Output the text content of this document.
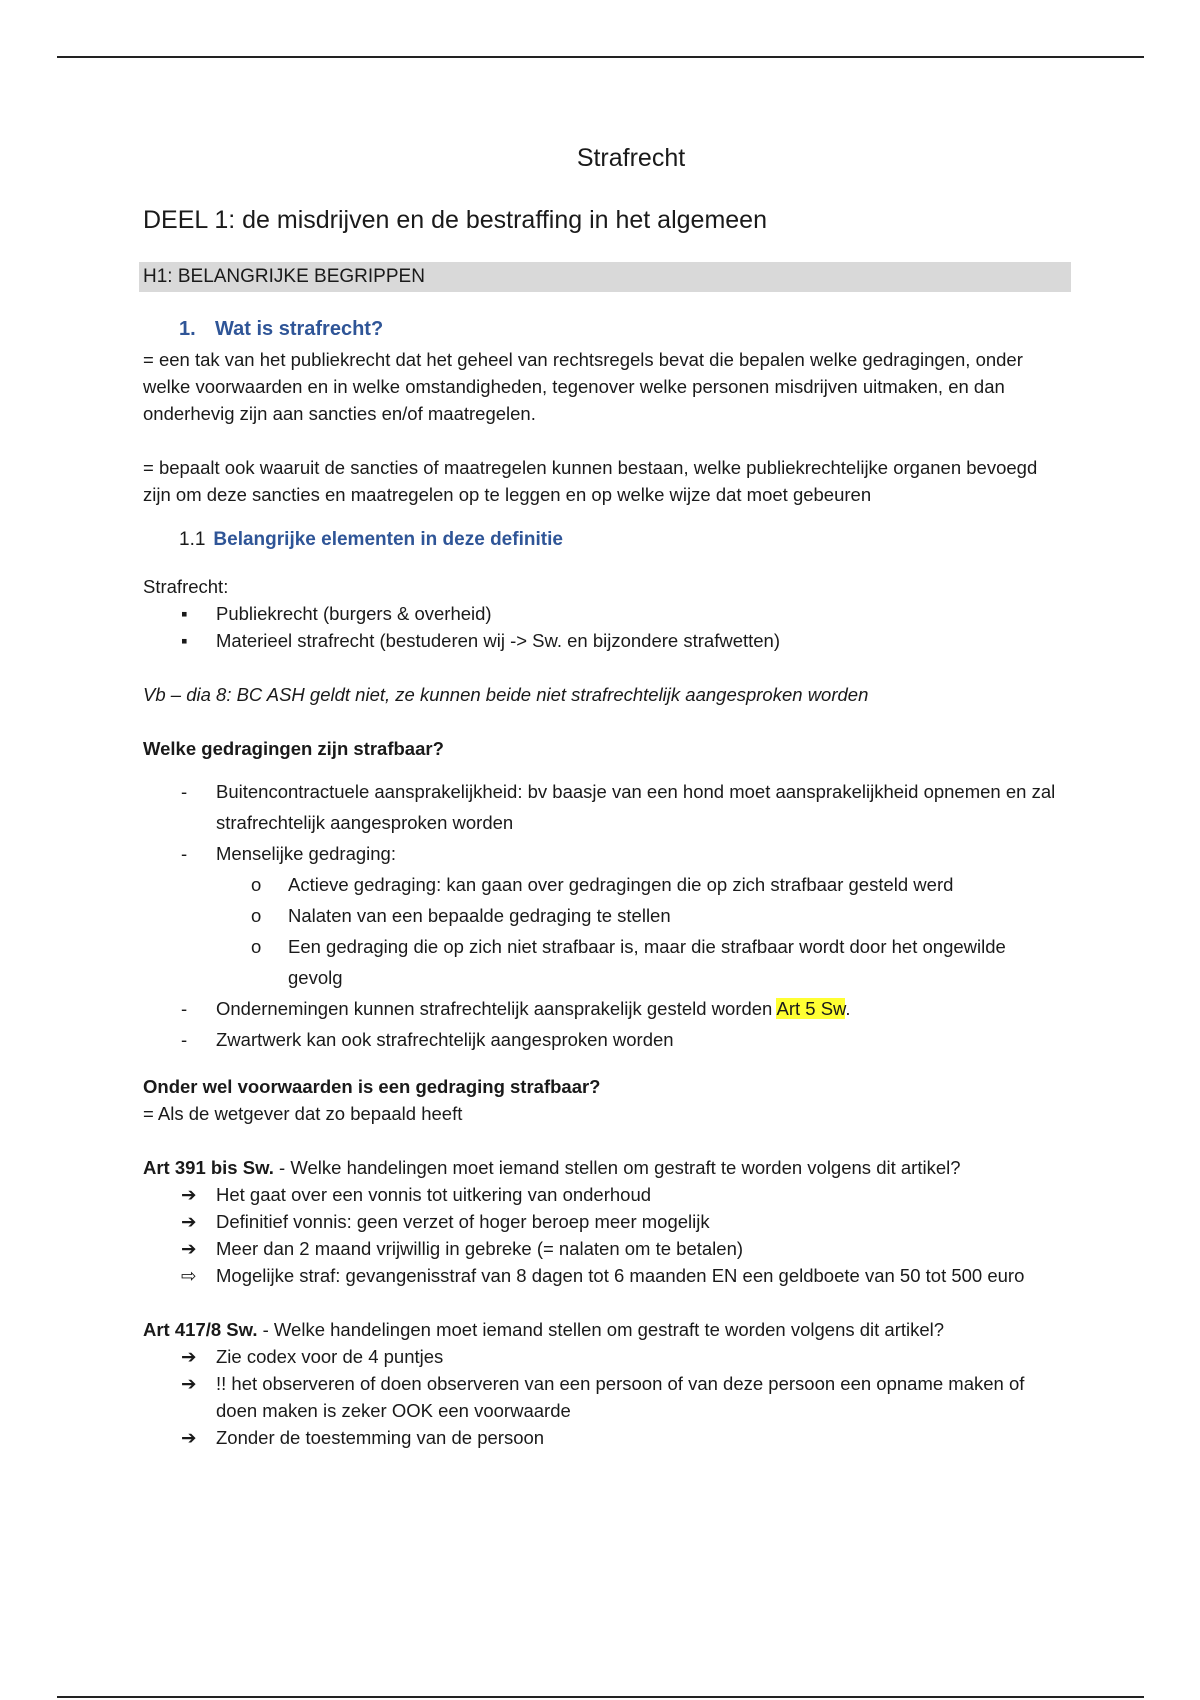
Strafrecht
DEEL 1: de misdrijven en de bestraffing in het algemeen
H1: BELANGRIJKE BEGRIPPEN
1. Wat is strafrecht?

= een tak van het publiekrecht dat het geheel van rechtsregels bevat die bepalen welke gedragingen, onder welke voorwaarden en in welke omstandigheden, tegenover welke personen misdrijven uitmaken, en dan onderhevig zijn aan sancties en/of maatregelen.

= bepaalt ook waaruit de sancties of maatregelen kunnen bestaan, welke publiekrechtelijke organen bevoegd zijn om deze sancties en maatregelen op te leggen en op welke wijze dat moet gebeuren

1.1 Belangrijke elementen in deze definitie

Strafrecht:

▪ Publiekrecht (burgers & overheid)
▪ Materieel strafrecht (bestuderen wij -> Sw. en bijzondere strafwetten)

Vb – dia 8: BC ASH geldt niet, ze kunnen beide niet strafrechtelijk aangesproken worden

Welke gedragingen zijn strafbaar?

- Buitencontractuele aansprakelijkheid: bv baasje van een hond moet aansprakelijkheid opnemen en zal strafrechtelijk aangesproken worden
- Menselijke gedraging:
o Actieve gedraging: kan gaan over gedragingen die op zich strafbaar gesteld werd
o Nalaten van een bepaalde gedraging te stellen
o Een gedraging die op zich niet strafbaar is, maar die strafbaar wordt door het ongewilde gevolg
- Ondernemingen kunnen strafrechtelijk aansprakelijk gesteld worden Art 5 Sw.
- Zwartwerk kan ook strafrechtelijk aangesproken worden

Onder wel voorwaarden is een gedraging strafbaar?

= Als de wetgever dat zo bepaald heeft

Art 391 bis Sw. - Welke handelingen moet iemand stellen om gestraft te worden volgens dit artikel?

➔ Het gaat over een vonnis tot uitkering van onderhoud
➔ Definitief vonnis: geen verzet of hoger beroep meer mogelijk
➔ Meer dan 2 maand vrijwillig in gebreke (= nalaten om te betalen)
⇨ Mogelijke straf: gevangenisstraf van 8 dagen tot 6 maanden EN een geldboete van 50 tot 500 euro

Art 417/8 Sw. - Welke handelingen moet iemand stellen om gestraft te worden volgens dit artikel?

➔ Zie codex voor de 4 puntjes
➔ !! het observeren of doen observeren van een persoon of van deze persoon een opname maken of doen maken is zeker OOK een voorwaarde
➔ Zonder de toestemming van de persoon
